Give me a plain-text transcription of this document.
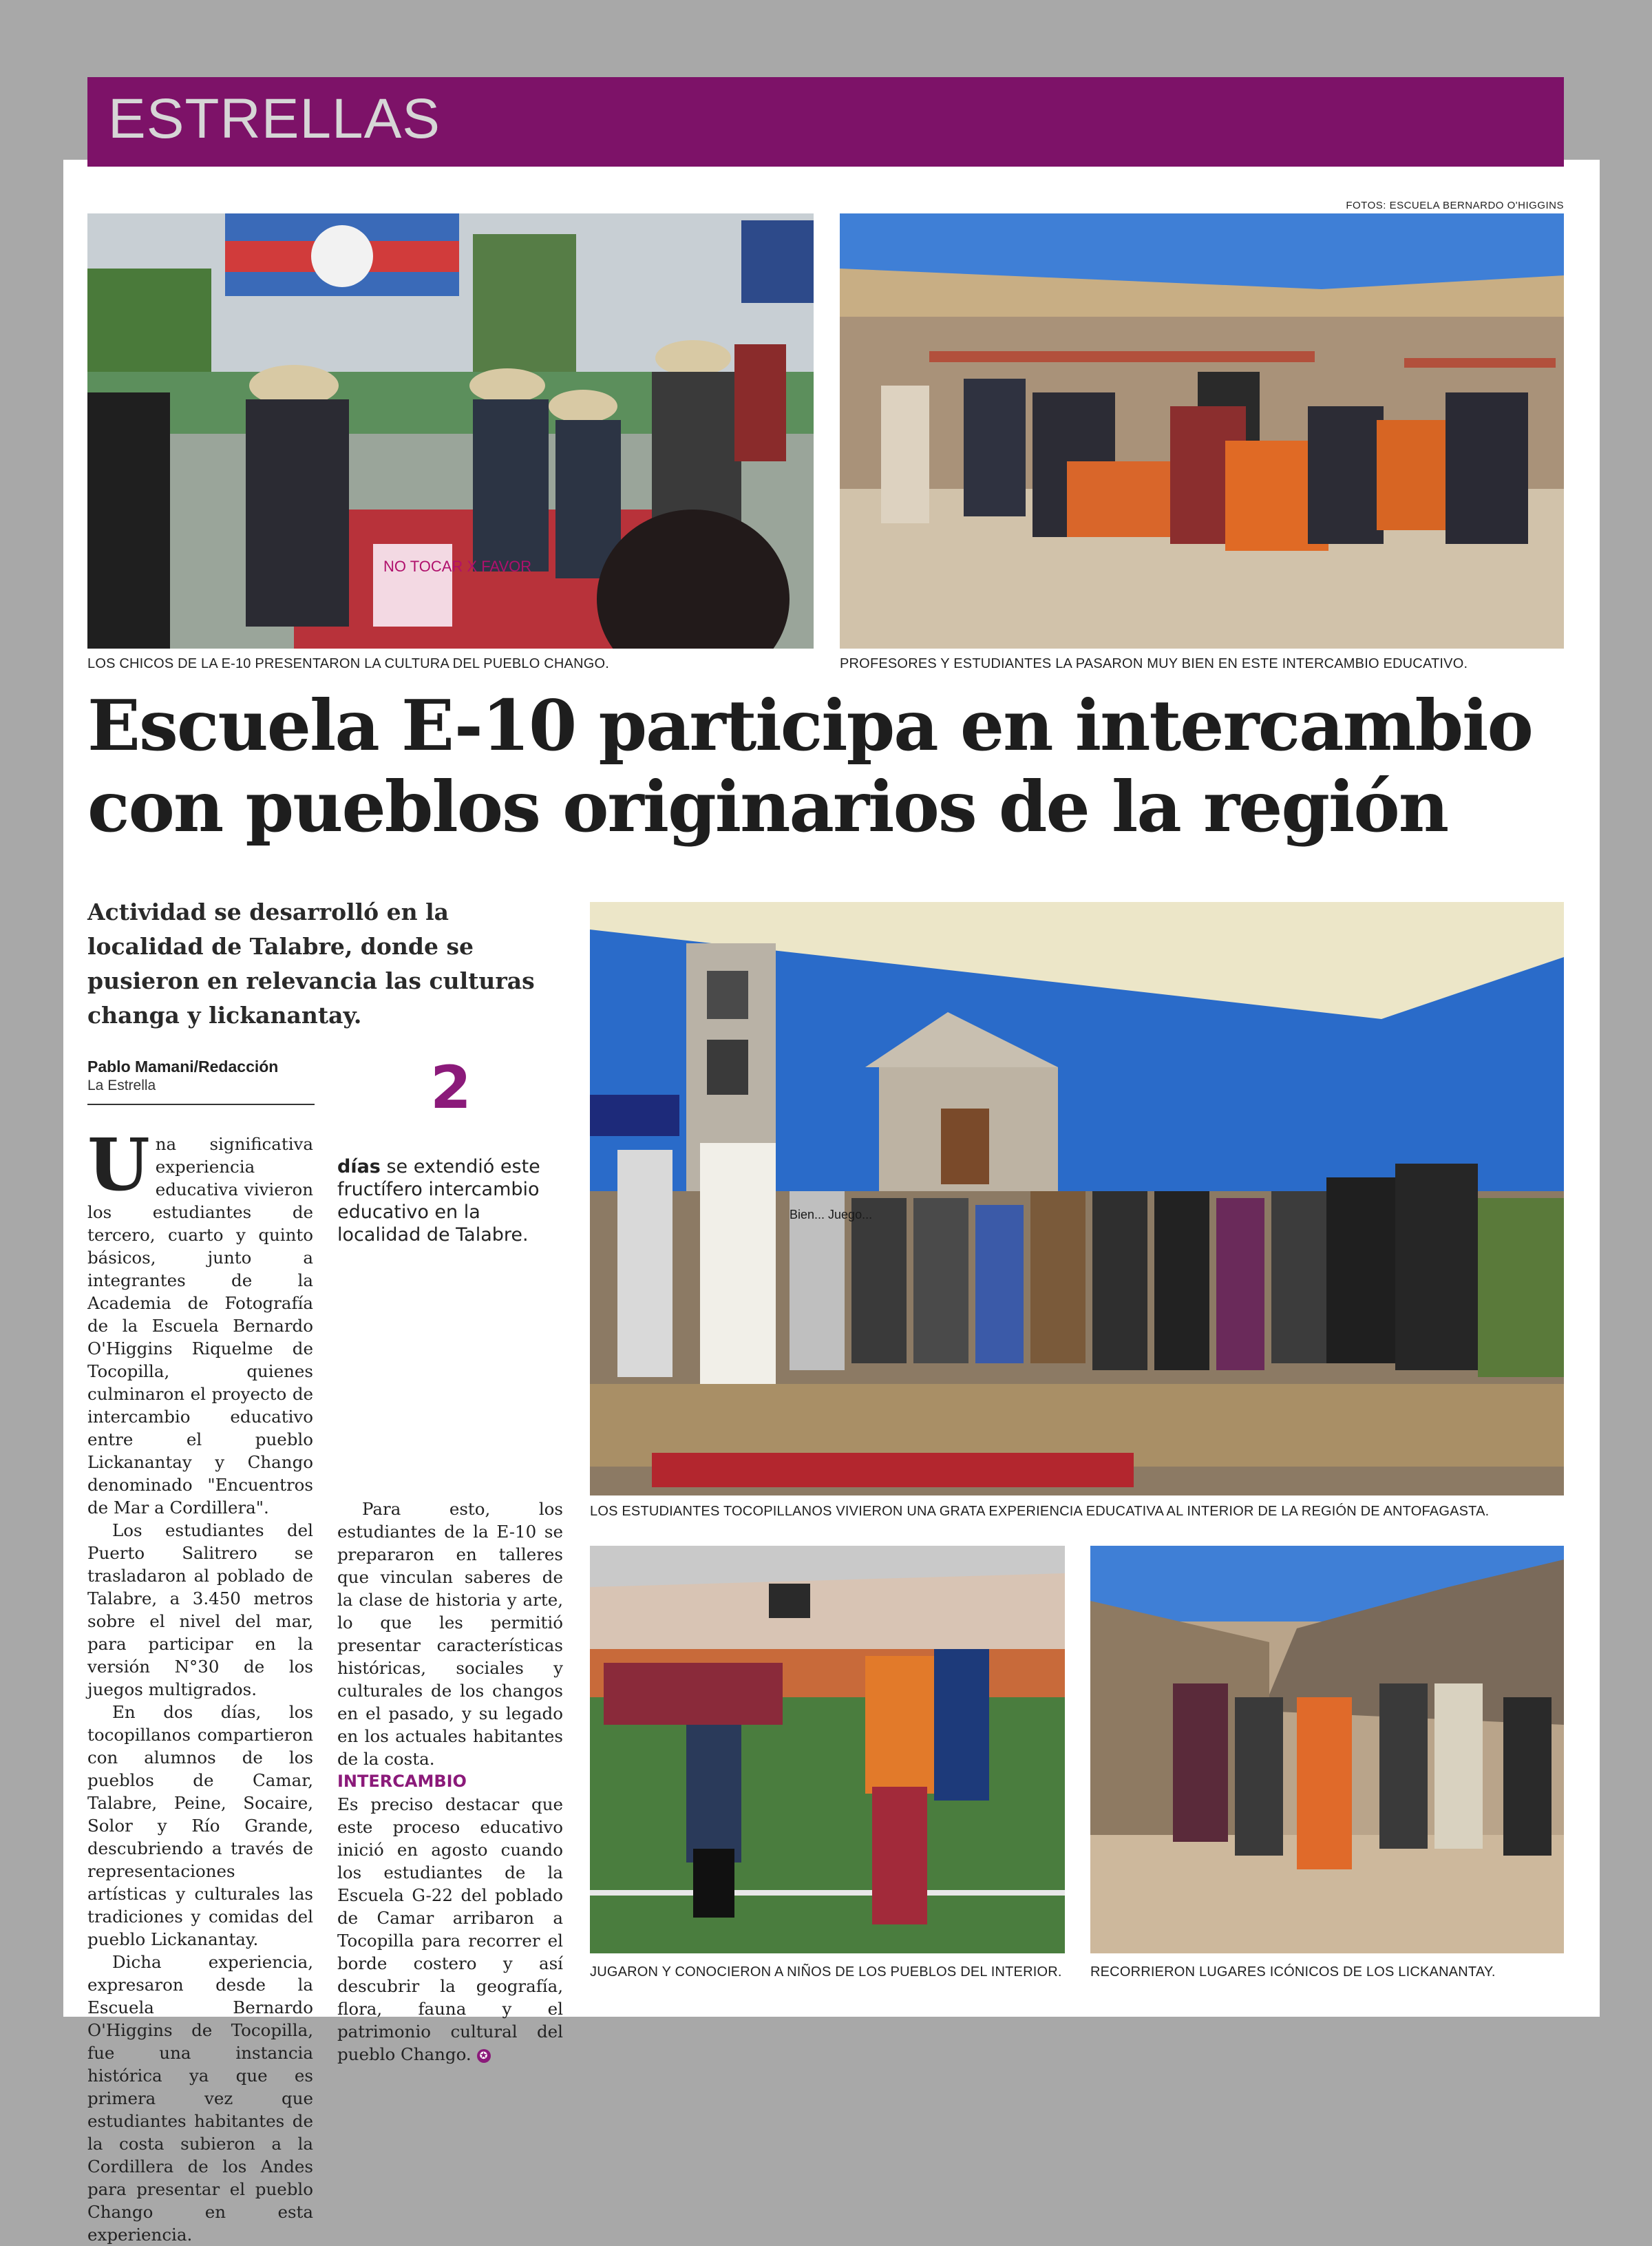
ESTRELLAS
FOTOS: ESCUELA BERNARDO O'HIGGINS
NO TOCAR X FAVOR
LOS CHICOS DE LA E-10 PRESENTARON LA CULTURA DEL PUEBLO CHANGO.	PROFESORES Y ESTUDIANTES LA PASARON MUY BIEN EN ESTE INTERCAMBIO EDUCATIVO.
Escuela E-10 participa en intercambio con pueblos originarios de la región

Actividad se desarrolló en la localidad de Talabre, donde se pusieron en relevancia las culturas changa y lickanantay.

Pablo Mamani/Redacción
La Estrella	2

Una significativa experiencia educativa vivieron los estudiantes de tercero, cuarto y quinto básicos, junto a integrantes de la Academia de Fotografía de la Escuela Bernardo O'Higgins Riquelme de Tocopilla, quienes culminaron el proyecto de intercambio educativo entre el pueblo Lickanantay y Chango denominado "Encuentros de Mar a Cordillera".

Los estudiantes del Puerto Salitrero se trasladaron al poblado de Talabre, a 3.450 metros sobre el nivel del mar, para participar en la versión N°30 de los juegos multigrados.

En dos días, los tocopillanos compartieron con alumnos de los pueblos de Camar, Talabre, Peine, Socaire, Solor y Río Grande, descubriendo a través de representaciones artísticas y culturales las tradiciones y comidas del pueblo Lickanantay.

Dicha experiencia, expresaron desde la Escuela Bernardo O'Higgins de Tocopilla, fue una instancia histórica ya que es primera vez que estudiantes habitantes de la costa subieron a la Cordillera de los Andes para presentar el pueblo Chango en esta experiencia.

días se extendió este fructífero intercambio educativo en la localidad de Talabre.

Para esto, los estudiantes de la E-10 se prepararon en talleres que vinculan saberes de la clase de historia y arte, lo que les permitió presentar características históricas, sociales y culturales de los changos en el pasado, y su legado en los actuales habitantes de la costa.

INTERCAMBIO

Es preciso destacar que este proceso educativo inició en agosto cuando los estudiantes de la Escuela G-22 del poblado de Camar arribaron a Tocopilla para recorrer el borde costero y así descubrir la geografía, flora, fauna y el patrimonio cultural del pueblo Chango. ✪

Bien... Juego...
LOS ESTUDIANTES TOCOPILLANOS VIVIERON UNA GRATA EXPERIENCIA EDUCATIVA AL INTERIOR DE LA REGIÓN DE ANTOFAGASTA.
JUGARON Y CONOCIERON A NIÑOS DE LOS PUEBLOS DEL INTERIOR. RECORRIERON LUGARES ICÓNICOS DE LOS LICKANANTAY.
